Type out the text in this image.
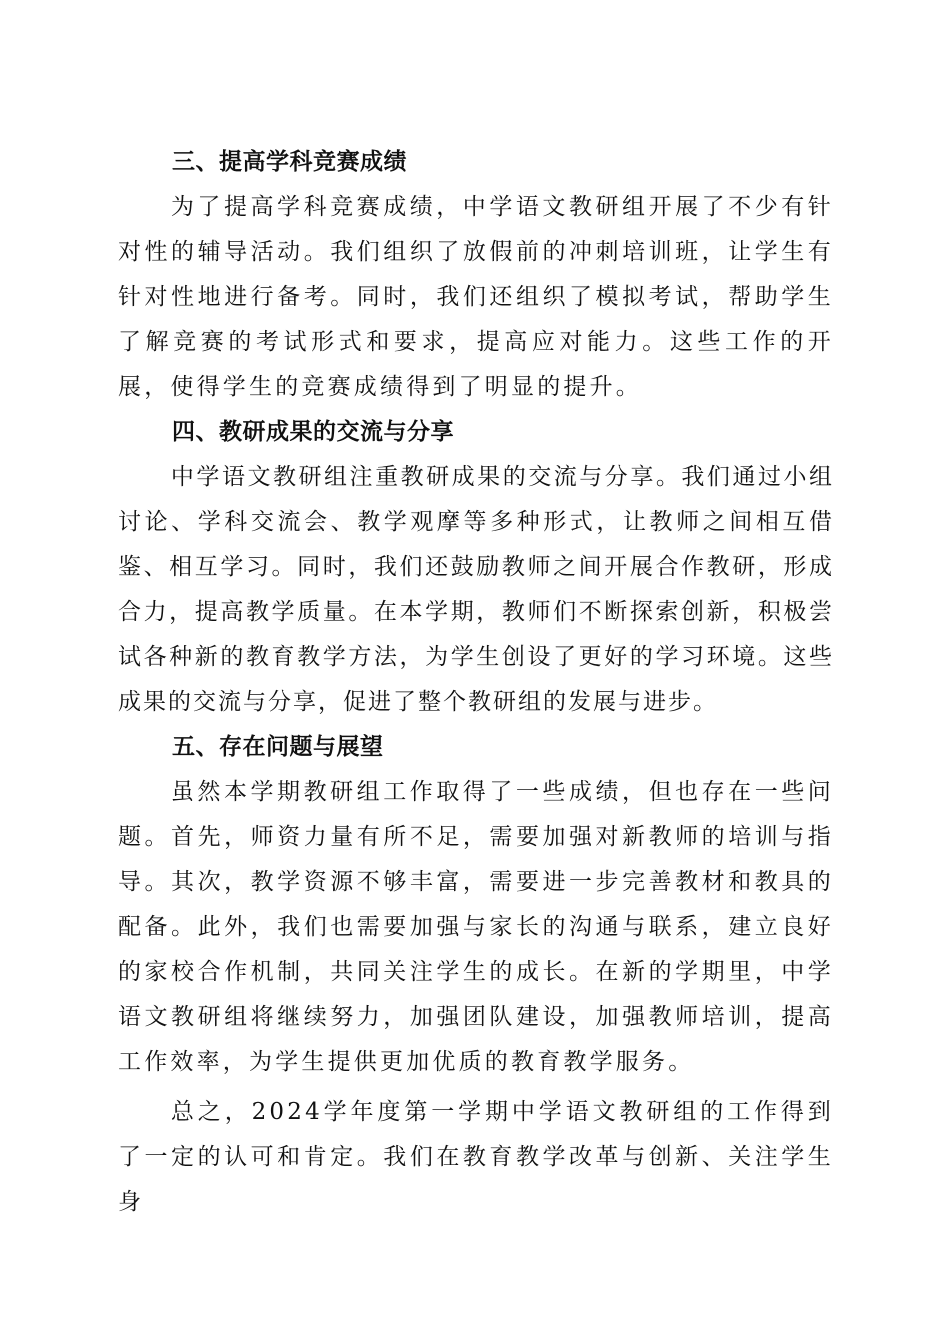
三、提高学科竞赛成绩

为了提高学科竞赛成绩，中学语文教研组开展了不少有针对性的辅导活动。我们组织了放假前的冲刺培训班，让学生有针对性地进行备考。同时，我们还组织了模拟考试，帮助学生了解竞赛的考试形式和要求，提高应对能力。这些工作的开展，使得学生的竞赛成绩得到了明显的提升。

四、教研成果的交流与分享

中学语文教研组注重教研成果的交流与分享。我们通过小组讨论、学科交流会、教学观摩等多种形式，让教师之间相互借鉴、相互学习。同时，我们还鼓励教师之间开展合作教研，形成合力，提高教学质量。在本学期，教师们不断探索创新，积极尝试各种新的教育教学方法，为学生创设了更好的学习环境。这些成果的交流与分享，促进了整个教研组的发展与进步。

五、存在问题与展望

虽然本学期教研组工作取得了一些成绩，但也存在一些问题。首先，师资力量有所不足，需要加强对新教师的培训与指导。其次，教学资源不够丰富，需要进一步完善教材和教具的配备。此外，我们也需要加强与家长的沟通与联系，建立良好的家校合作机制，共同关注学生的成长。在新的学期里，中学语文教研组将继续努力，加强团队建设，加强教师培训，提高工作效率，为学生提供更加优质的教育教学服务。

总之，2024学年度第一学期中学语文教研组的工作得到了一定的认可和肯定。我们在教育教学改革与创新、关注学生身
